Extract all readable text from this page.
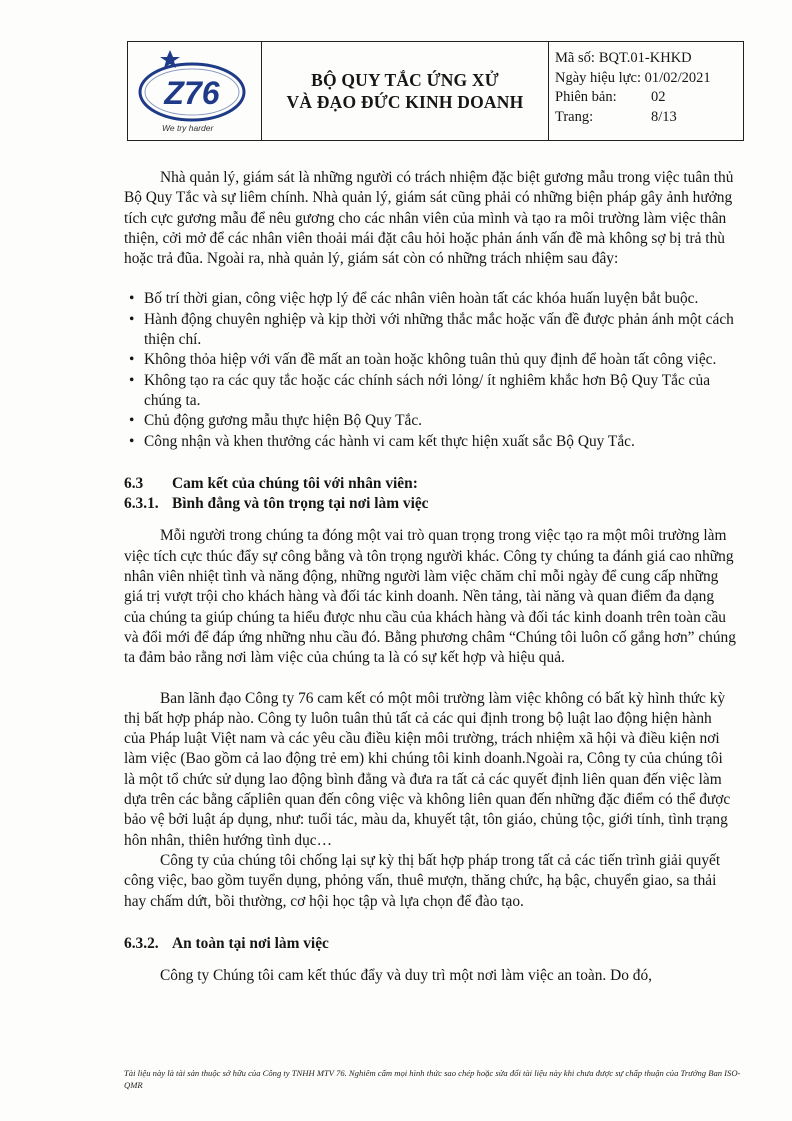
Z76
We try harder
BỘ QUY TẮC ỨNG XỬ
VÀ ĐẠO ĐỨC KINH DOANH
Mã số: BQT.01-KHKD
Ngày hiệu lực: 01/02/2021
Phiên bản:	02
Trang:	8/13

Nhà quản lý, giám sát là những người có trách nhiệm đặc biệt gương mẫu trong việc tuân thủ Bộ Quy Tắc và sự liêm chính. Nhà quản lý, giám sát cũng phải có những biện pháp gây ảnh hưởng tích cực gương mẫu để nêu gương cho các nhân viên của mình và tạo ra môi trường làm việc thân thiện, cởi mở để các nhân viên thoải mái đặt câu hỏi hoặc phản ánh vấn đề mà không sợ bị trả thù hoặc trả đũa. Ngoài ra, nhà quản lý, giám sát còn có những trách nhiệm sau đây:

• Bố trí thời gian, công việc hợp lý để các nhân viên hoàn tất các khóa huấn luyện bắt buộc.
• Hành động chuyên nghiệp và kịp thời với những thắc mắc hoặc vấn đề được phản ánh một cách thiện chí.
• Không thỏa hiệp với vấn đề mất an toàn hoặc không tuân thủ quy định để hoàn tất công việc.
• Không tạo ra các quy tắc hoặc các chính sách nới lỏng/ ít nghiêm khắc hơn Bộ Quy Tắc của chúng ta.
• Chủ động gương mẫu thực hiện Bộ Quy Tắc.
• Công nhận và khen thưởng các hành vi cam kết thực hiện xuất sắc Bộ Quy Tắc.
6.3	Cam kết của chúng tôi với nhân viên:
6.3.1. Bình đẳng và tôn trọng tại nơi làm việc

Mỗi người trong chúng ta đóng một vai trò quan trọng trong việc tạo ra một môi trường làm việc tích cực thúc đẩy sự công bằng và tôn trọng người khác. Công ty chúng ta đánh giá cao những nhân viên nhiệt tình và năng động, những người làm việc chăm chỉ mỗi ngày để cung cấp những giá trị vượt trội cho khách hàng và đối tác kinh doanh. Nền tảng, tài năng và quan điểm đa dạng của chúng ta giúp chúng ta hiểu được nhu cầu của khách hàng và đối tác kinh doanh trên toàn cầu và đổi mới để đáp ứng những nhu cầu đó. Bằng phương châm “Chúng tôi luôn cố gắng hơn” chúng ta đảm bảo rằng nơi làm việc của chúng ta là có sự kết hợp và hiệu quả.

Ban lãnh đạo Công ty 76 cam kết có một môi trường làm việc không có bất kỳ hình thức kỳ thị bất hợp pháp nào. Công ty luôn tuân thủ tất cả các qui định trong bộ luật lao động hiện hành của Pháp luật Việt nam và các yêu cầu điều kiện môi trường, trách nhiệm xã hội và điều kiện nơi làm việc (Bao gồm cả lao động trẻ em) khi chúng tôi kinh doanh.Ngoài ra, Công ty của chúng tôi là một tổ chức sử dụng lao động bình đẳng và đưa ra tất cả các quyết định liên quan đến việc làm dựa trên các bằng cấpliên quan đến công việc và không liên quan đến những đặc điểm có thể được bảo vệ bởi luật áp dụng, như: tuổi tác, màu da, khuyết tật, tôn giáo, chủng tộc, giới tính, tình trạng hôn nhân, thiên hướng tình dục…

Công ty của chúng tôi chống lại sự kỳ thị bất hợp pháp trong tất cả các tiến trình giải quyết công việc, bao gồm tuyển dụng, phỏng vấn, thuê mượn, thăng chức, hạ bậc, chuyển giao, sa thải hay chấm dứt, bồi thường, cơ hội học tập và lựa chọn để đào tạo.

6.3.2. An toàn tại nơi làm việc

Công ty Chúng tôi cam kết thúc đẩy và duy trì một nơi làm việc an toàn. Do đó,

Tài liệu này là tài sản thuộc sở hữu của Công ty TNHH MTV 76. Nghiêm cấm mọi hình thức sao chép hoặc sửa đổi tài liệu này khi chưa được sự chấp thuận của Trưởng Ban ISO-QMR
